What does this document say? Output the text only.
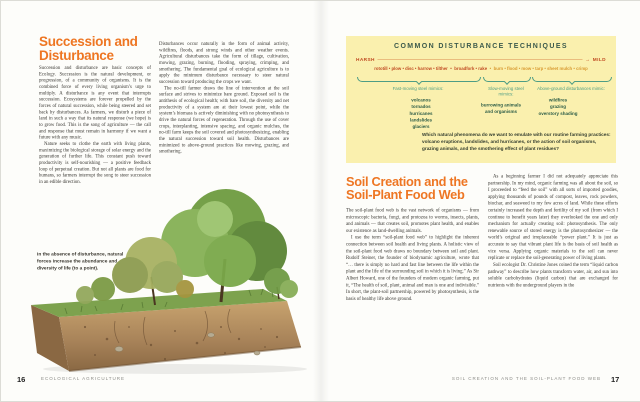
Succession and
Disturbance

Succession and disturbance are basic concepts of Ecology. Succession is the natural development, or progression, of a community of organisms. It is the combined force of every living organism’s urge to multiply. A disturbance is any event that interrupts succession. Ecosystems are forever propelled by the forces of natural succession, while being steered and set back by disturbances. As farmers, we disturb a piece of land in such a way that its natural response (we hope) is to grow food. This is the song of agriculture — the call and response that must remain in harmony if we want a future with any music.

Nature seeks to clothe the earth with living plants, maximizing the biological storage of solar energy and the generation of further life. This constant push toward productivity is self-nourishing — a positive feedback loop of perpetual creation. But not all plants are food for humans, so farmers interrupt the song to steer succession in an edible direction.

Disturbances occur naturally in the form of animal activity, wildfires, floods, and strong winds and other weather events. Agricultural disturbances take the form of tillage, cultivation, mowing, grazing, burning, flooding, spraying, crimping, and smothering. The fundamental goal of ecological agriculture is to apply the minimum disturbance necessary to steer natural succession toward producing the crops we want.

The no-till farmer draws the line of intervention at the soil surface and strives to minimize bare ground. Exposed soil is the antithesis of ecological health; with bare soil, the diversity and net productivity of a system are at their lowest point, while the system’s biomass is actively diminishing with no photosynthesis to drive the natural forces of regeneration. Through the use of cover crops, interplanting, intensive spacing, and organic mulches, the no-till farm keeps the soil covered and photosynthesizing, enabling the natural succession toward soil health. Disturbances are minimized to above-ground practices like mowing, grazing, and smothering.

In the absence of disturbance, natural forces increase the abundance and diversity of life (to a point).
16 ECOLOGICAL AGRICULTURE
COMMON DISTURBANCE TECHNIQUES
HARSH	→ MILD
rototill • plow • disc • harrow • tilther • broadfork • rake • burn • flood • mow • tarp • sheet mulch • crimp
Fast-moving steel mimics:	Slow-moving steel mimics:
Above-ground disturbances mimic:
volcanos
tornados
hurricanes
landslides
glaciers
burrowing animals
and organisms
wildfires
grazing
overstory shading
Which natural phenomena do we want to emulate with our routine farming practices: volcano eruptions, landslides, and hurricanes, or the action of soil organisms, grazing animals, and the smothering effect of plant residues?
Soil Creation and the
Soil-Plant Food Web

The soil-plant food web is the vast network of organisms — from microscopic bacteria, fungi, and protozoa to worms, insects, plants, and animals — that creates soil, promotes plant health, and enables our existence as land-dwelling animals.

I use the term “soil-plant food web” to highlight the inherent connection between soil health and living plants. A holistic view of the soil-plant food web draws no boundary between soil and plant. Rudolf Steiner, the founder of biodynamic agriculture, wrote that “… there is simply no hard and fast line between the life within the plant and the life of the surrounding soil in which it is living.” As Sir Albert Howard, one of the founders of modern organic farming, put it, “The health of soil, plant, animal and man is one and indivisible.” In short, the plant-soil partnership, powered by photosynthesis, is the basis of healthy life above ground.

As a beginning farmer I did not adequately appreciate this partnership. In my mind, organic farming was all about the soil, so I proceeded to “feed the soil” with all sorts of imported goodies, applying thousands of pounds of compost, leaves, rock powders, biochar, and seaweed to my few acres of land. While these efforts certainly increased the depth and fertility of my soil (from which I continue to benefit years later) they overlooked the one and only mechanism for actually creating soil: photosynthesis. The only renewable source of stored energy is the photosynthesizer — the world’s original and irreplaceable “power plant.” It is just as accurate to say that vibrant plant life is the basis of soil health as vice versa. Applying organic materials to the soil can never replicate or replace the soil-generating power of living plants.

Soil ecologist Dr. Christine Jones coined the term “liquid carbon pathway” to describe how plants transform water, air, and sun into soluble carbohydrates (liquid carbon) that are exchanged for nutrients with the underground players in the

SOIL CREATION AND THE SOIL-PLANT FOOD WEB 17
